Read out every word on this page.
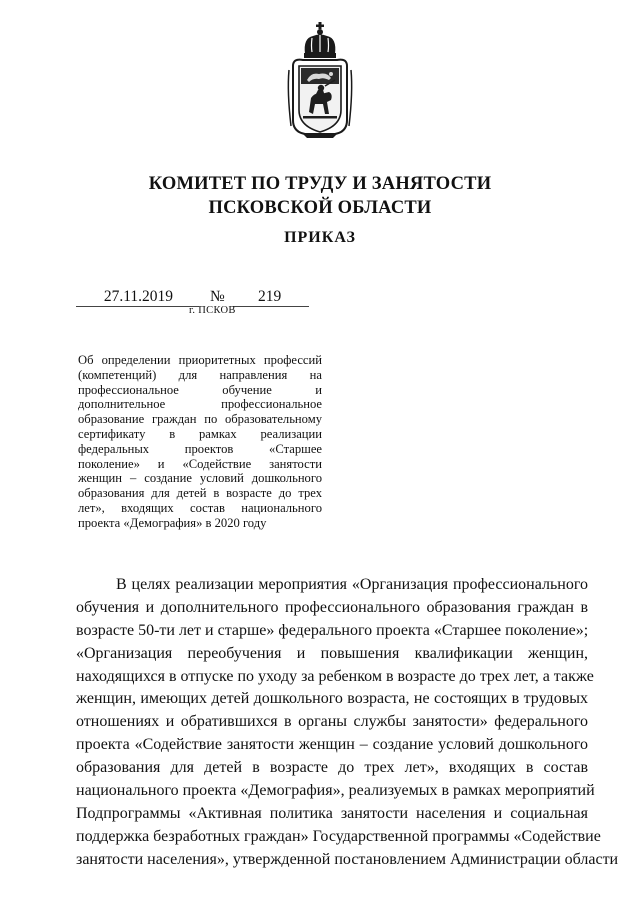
КОМИТЕТ ПО ТРУДУ И ЗАНЯТОСТИ
ПСКОВСКОЙ ОБЛАСТИ
ПРИКАЗ
27.11.2019	№	219
г. ПСКОВ
Об определении приоритетных профессий
(компетенций) для направления на
профессиональное обучение и
дополнительное профессиональное
образование граждан по образовательному
сертификату в рамках реализации
федеральных проектов «Старшее
поколение» и «Содействие занятости
женщин – создание условий дошкольного
образования для детей в возрасте до трех
лет», входящих состав национального
проекта «Демография» в 2020 году
В целях реализации мероприятия «Организация профессионального
обучения и дополнительного профессионального образования граждан в
возрасте 50-ти лет и старше» федерального проекта «Старшее поколение»;
«Организация переобучения и повышения квалификации женщин,
находящихся в отпуске по уходу за ребенком в возрасте до трех лет, а также
женщин, имеющих детей дошкольного возраста, не состоящих в трудовых
отношениях и обратившихся в органы службы занятости» федерального
проекта «Содействие занятости женщин – создание условий дошкольного
образования для детей в возрасте до трех лет», входящих в состав
национального проекта «Демография», реализуемых в рамках мероприятий
Подпрограммы «Активная политика занятости населения и социальная
поддержка безработных граждан» Государственной программы «Содействие
занятости населения», утвержденной постановлением Администрации области
